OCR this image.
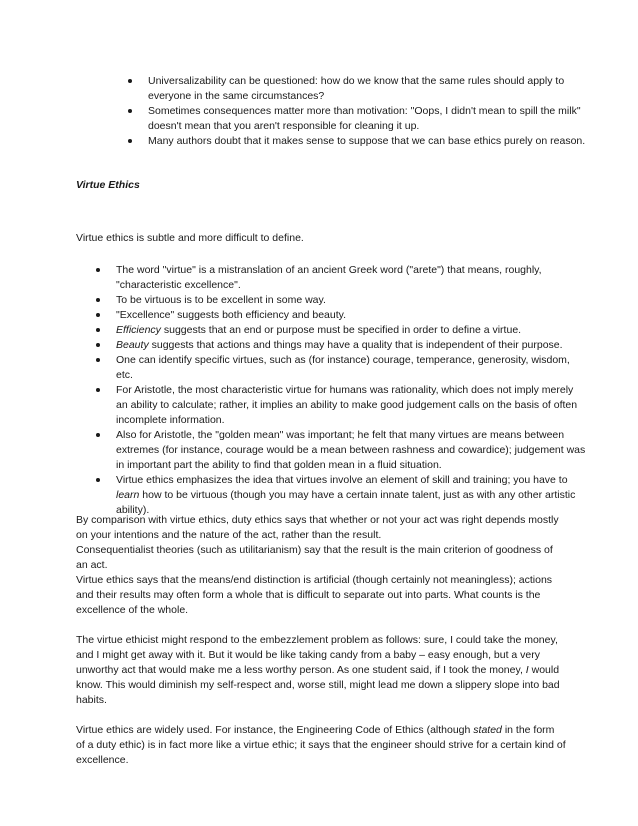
Universalizability can be questioned: how do we know that the same rules should apply to everyone in the same circumstances?
Sometimes consequences matter more than motivation: "Oops, I didn't mean to spill the milk" doesn't mean that you aren't responsible for cleaning it up.
Many authors doubt that it makes sense to suppose that we can base ethics purely on reason.
Virtue Ethics

Virtue ethics is subtle and more difficult to define.

The word "virtue" is a mistranslation of an ancient Greek word ("arete") that means, roughly, "characteristic excellence".
To be virtuous is to be excellent in some way.
"Excellence" suggests both efficiency and beauty.
Efficiency suggests that an end or purpose must be specified in order to define a virtue.
Beauty suggests that actions and things may have a quality that is independent of their purpose.
One can identify specific virtues, such as (for instance) courage, temperance, generosity, wisdom, etc.
For Aristotle, the most characteristic virtue for humans was rationality, which does not imply merely an ability to calculate; rather, it implies an ability to make good judgement calls on the basis of often incomplete information.
Also for Aristotle, the "golden mean" was important; he felt that many virtues are means between extremes (for instance, courage would be a mean between rashness and cowardice); judgement was in important part the ability to find that golden mean in a fluid situation.
Virtue ethics emphasizes the idea that virtues involve an element of skill and training; you have to learn how to be virtuous (though you may have a certain innate talent, just as with any other artistic ability).

By comparison with virtue ethics, duty ethics says that whether or not your act was right depends mostly on your intentions and the nature of the act, rather than the result.

Consequentialist theories (such as utilitarianism) say that the result is the main criterion of goodness of an act.

Virtue ethics says that the means/end distinction is artificial (though certainly not meaningless); actions and their results may often form a whole that is difficult to separate out into parts. What counts is the excellence of the whole.

The virtue ethicist might respond to the embezzlement problem as follows: sure, I could take the money, and I might get away with it. But it would be like taking candy from a baby – easy enough, but a very unworthy act that would make me a less worthy person. As one student said, if I took the money, I would know. This would diminish my self-respect and, worse still, might lead me down a slippery slope into bad habits.

Virtue ethics are widely used. For instance, the Engineering Code of Ethics (although stated in the form of a duty ethic) is in fact more like a virtue ethic; it says that the engineer should strive for a certain kind of excellence.
